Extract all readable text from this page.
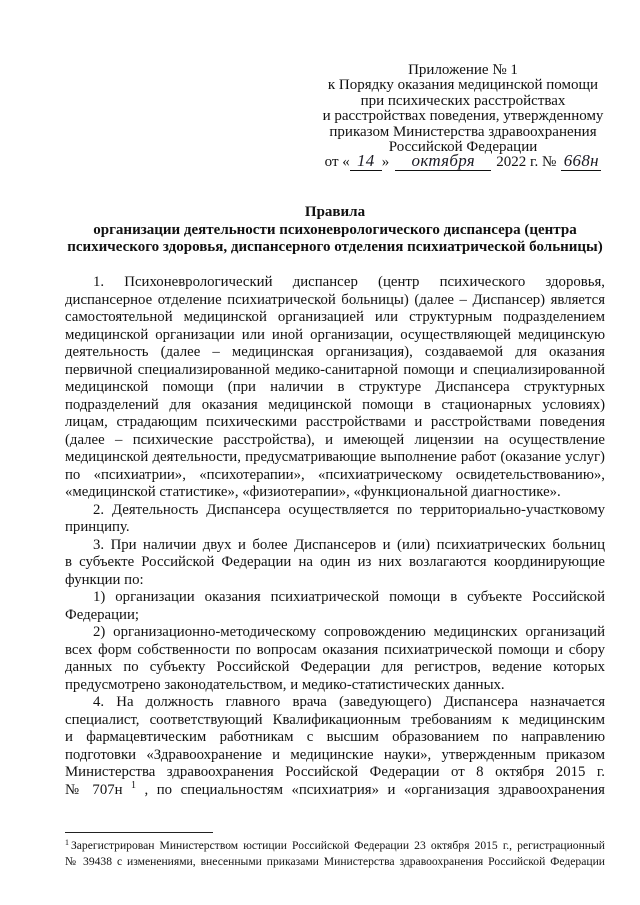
Приложение № 1
к Порядку оказания медицинской помощи
при психических расстройствах
и расстройствах поведения, утвержденному
приказом Министерства здравоохранения
Российской Федерации
от « 14 » октября 2022 г. № 668н
Правила
организации деятельности психоневрологического диспансера (центра
психического здоровья, диспансерного отделения психиатрической больницы)
1. Психоневрологический диспансер (центр психического здоровья,
диспансерное отделение психиатрической больницы) (далее – Диспансер) является
самостоятельной медицинской организацией или структурным подразделением
медицинской организации или иной организации, осуществляющей медицинскую
деятельность (далее – медицинская организация), создаваемой для оказания
первичной специализированной медико-санитарной помощи и специализированной
медицинской помощи (при наличии в структуре Диспансера структурных
подразделений для оказания медицинской помощи в стационарных условиях)
лицам, страдающим психическими расстройствами и расстройствами поведения
(далее – психические расстройства), и имеющей лицензии на осуществление
медицинской деятельности, предусматривающие выполнение работ (оказание услуг)
по «психиатрии», «психотерапии», «психиатрическому освидетельствованию»,
«медицинской статистике», «физиотерапии», «функциональной диагностике».
2. Деятельность Диспансера осуществляется по территориально-участковому
принципу.
3. При наличии двух и более Диспансеров и (или) психиатрических больниц
в субъекте Российской Федерации на один из них возлагаются координирующие
функции по:
1) организации оказания психиатрической помощи в субъекте Российской
Федерации;
2) организационно-методическому сопровождению медицинских организаций
всех форм собственности по вопросам оказания психиатрической помощи и сбору
данных по субъекту Российской Федерации для регистров, ведение которых
предусмотрено законодательством, и медико-статистических данных.
4. На должность главного врача (заведующего) Диспансера назначается
специалист, соответствующий Квалификационным требованиям к медицинским
и фармацевтическим работникам с высшим образованием по направлению
подготовки «Здравоохранение и медицинские науки», утвержденным приказом
Министерства здравоохранения Российской Федерации от 8 октября 2015 г.
№ 707н $^1$ , по специальностям «психиатрия» и «организация здравоохранения
$^1$ Зарегистрирован Министерством юстиции Российской Федерации 23 октября 2015 г., регистрационный
№ 39438 с изменениями, внесенными приказами Министерства здравоохранения Российской Федерации
